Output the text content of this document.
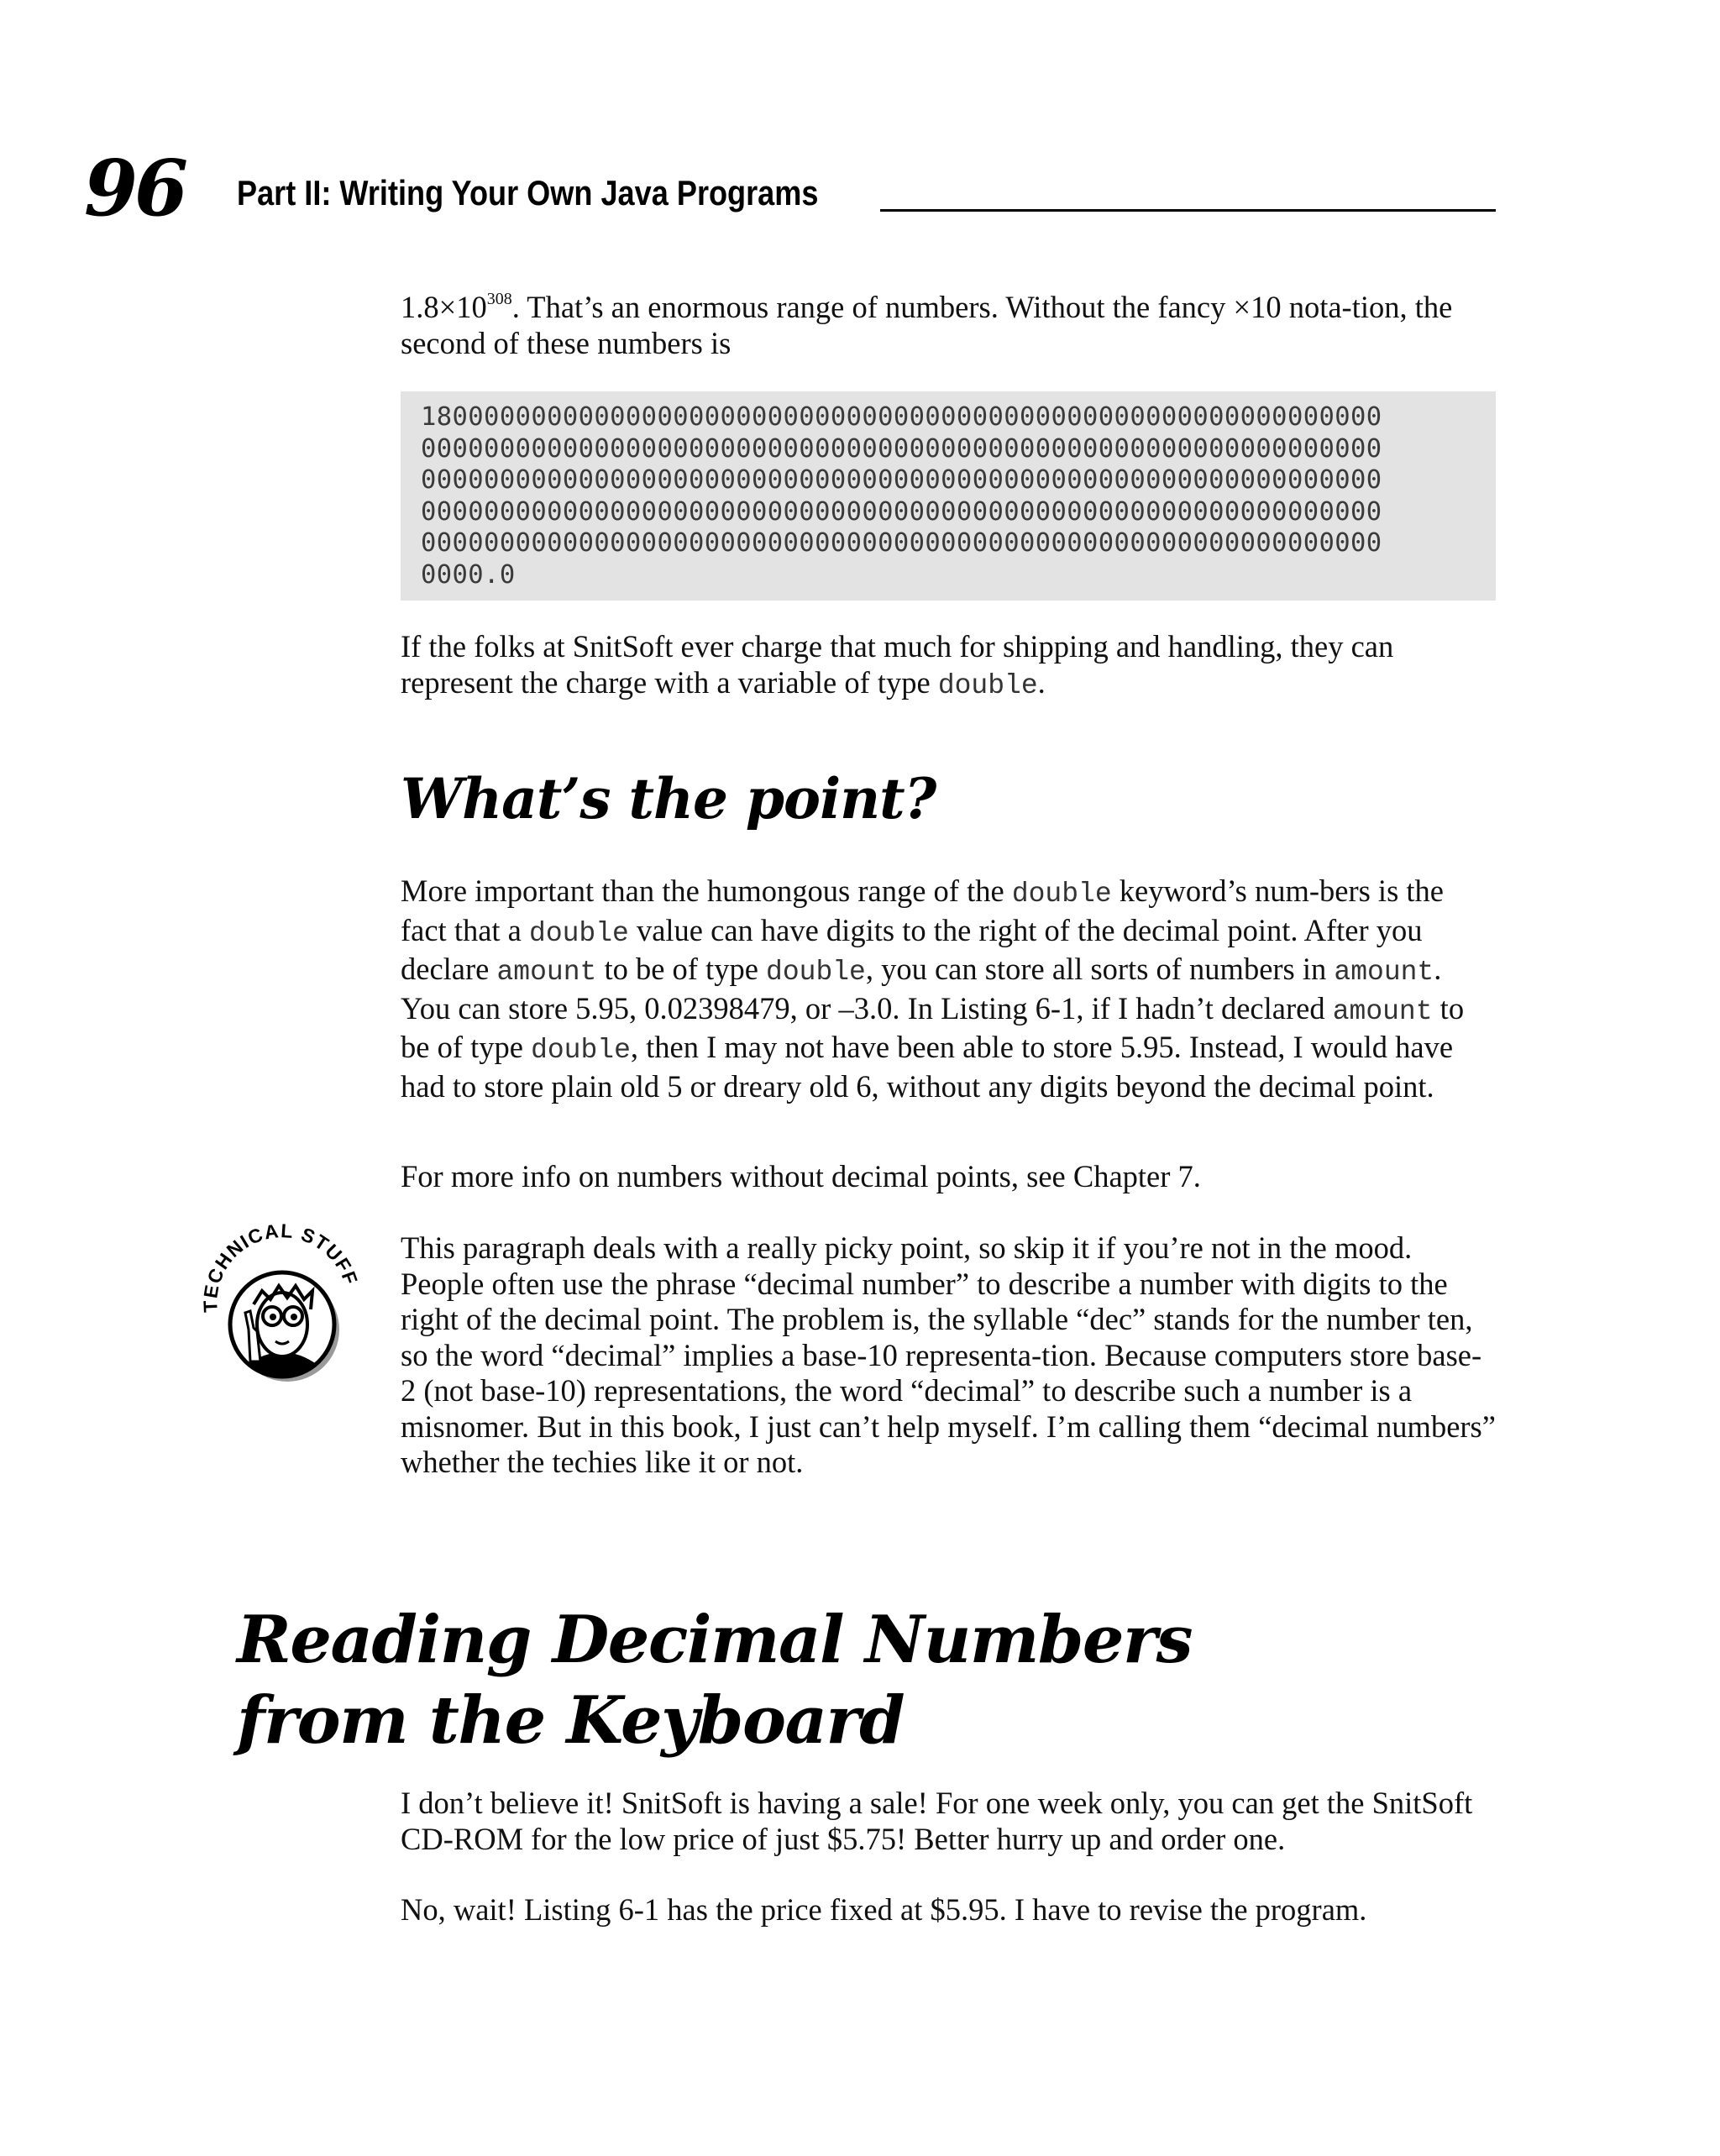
96 Part II: Writing Your Own Java Programs

$1.8\times 10^{308}$. That’s an enormous range of numbers. Without the fancy ×10 nota-tion, the second of these numbers is

1800000000000000000000000000000000000000000000000000000000000
0000000000000000000000000000000000000000000000000000000000000
0000000000000000000000000000000000000000000000000000000000000
0000000000000000000000000000000000000000000000000000000000000
0000000000000000000000000000000000000000000000000000000000000
0000.0

If the folks at SnitSoft ever charge that much for shipping and handling, they can represent the charge with a variable of type double.

What’s the point?

More important than the humongous range of the double keyword’s num-bers is the fact that a double value can have digits to the right of the decimal point. After you declare amount to be of type double, you can store all sorts of numbers in amount. You can store 5.95, 0.02398479, or –3.0. In Listing 6-1, if I hadn’t declared amount to be of type double, then I may not have been able to store 5.95. Instead, I would have had to store plain old 5 or dreary old 6, without any digits beyond the decimal point.

For more info on numbers without decimal points, see Chapter 7.

TECHNICAL STUFF

This paragraph deals with a really picky point, so skip it if you’re not in the mood. People often use the phrase “decimal number” to describe a number with digits to the right of the decimal point. The problem is, the syllable “dec” stands for the number ten, so the word “decimal” implies a base-10 representa-tion. Because computers store base-2 (not base-10) representations, the word “decimal” to describe such a number is a misnomer. But in this book, I just can’t help myself. I’m calling them “decimal numbers” whether the techies like it or not.

Reading Decimal Numbers
from the Keyboard

I don’t believe it! SnitSoft is having a sale! For one week only, you can get the SnitSoft CD-ROM for the low price of just $5.75! Better hurry up and order one.

No, wait! Listing 6-1 has the price fixed at $5.95. I have to revise the program.
